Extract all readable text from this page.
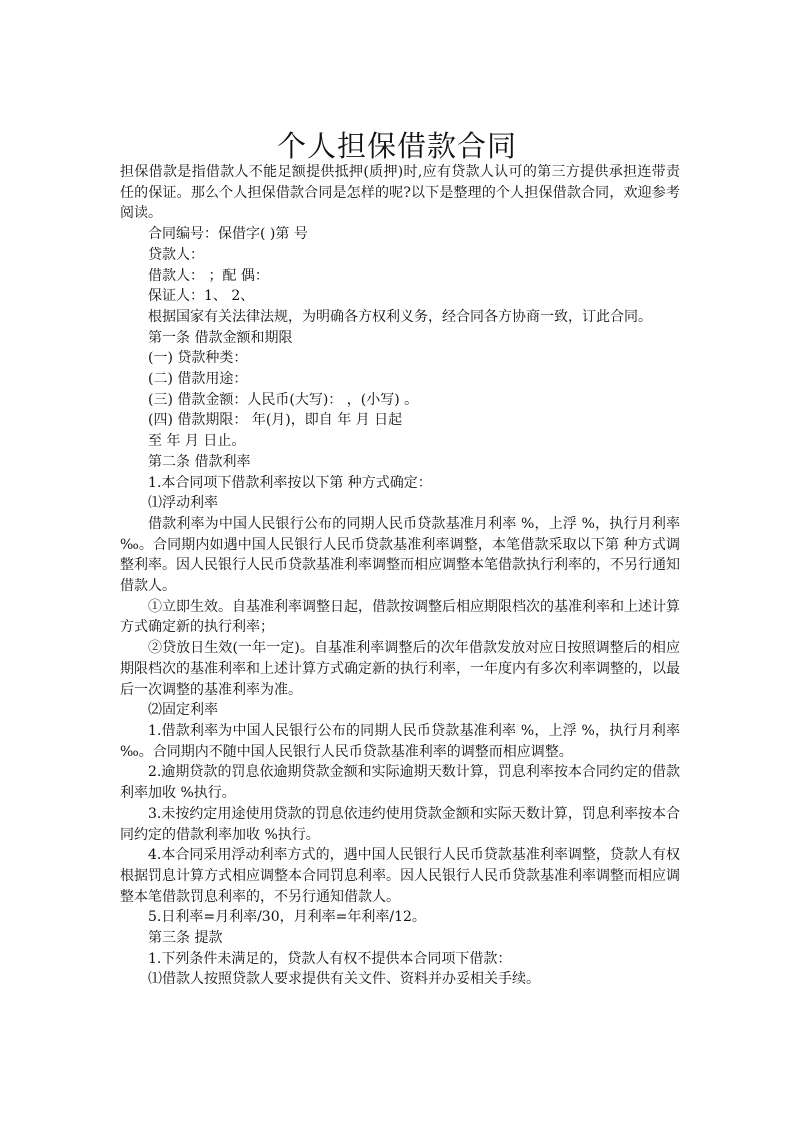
个人担保借款合同

担保借款是指借款人不能足额提供抵押(质押)时,应有贷款人认可的第三方提供承担连带责任的保证。那么个人担保借款合同是怎样的呢?以下是整理的个人担保借款合同，欢迎参考阅读。

合同编号：保借字( )第 号

贷款人：

借款人： ；配 偶：

保证人：1、 2、

根据国家有关法律法规，为明确各方权利义务，经合同各方协商一致，订此合同。

第一条 借款金额和期限

(一) 贷款种类：

(二) 借款用途：

(三) 借款金额：人民币(大写)： ，(小写) 。

(四) 借款期限： 年(月)，即自 年 月 日起

至 年 月 日止。

第二条 借款利率

1.本合同项下借款利率按以下第 种方式确定：

⑴浮动利率

借款利率为中国人民银行公布的同期人民币贷款基准月利率 %，上浮 %，执行月利率 ‰。合同期内如遇中国人民银行人民币贷款基准利率调整，本笔借款采取以下第 种方式调整利率。因人民银行人民币贷款基准利率调整而相应调整本笔借款执行利率的，不另行通知借款人。

①立即生效。自基准利率调整日起，借款按调整后相应期限档次的基准利率和上述计算方式确定新的执行利率；

②贷放日生效(一年一定)。自基准利率调整后的次年借款发放对应日按照调整后的相应期限档次的基准利率和上述计算方式确定新的执行利率，一年度内有多次利率调整的，以最后一次调整的基准利率为准。

⑵固定利率

1.借款利率为中国人民银行公布的同期人民币贷款基准利率 %，上浮 %，执行月利率 ‰。合同期内不随中国人民银行人民币贷款基准利率的调整而相应调整。

2.逾期贷款的罚息依逾期贷款金额和实际逾期天数计算，罚息利率按本合同约定的借款利率加收 %执行。

3.未按约定用途使用贷款的罚息依违约使用贷款金额和实际天数计算，罚息利率按本合同约定的借款利率加收 %执行。

4.本合同采用浮动利率方式的，遇中国人民银行人民币贷款基准利率调整，贷款人有权根据罚息计算方式相应调整本合同罚息利率。因人民银行人民币贷款基准利率调整而相应调整本笔借款罚息利率的，不另行通知借款人。

5.日利率=月利率/30，月利率=年利率/12。

第三条 提款

1.下列条件未满足的，贷款人有权不提供本合同项下借款：

⑴借款人按照贷款人要求提供有关文件、资料并办妥相关手续。
